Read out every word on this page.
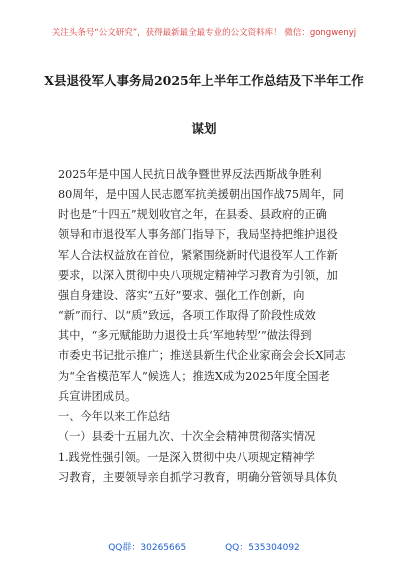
关注头条号“公文研究”，获得最新最全最专业的公文资料库！ 微信：gongwenyj
X县退役军人事务局2025年上半年工作总结及下半年工作
谋划
2025年是中国人民抗日战争暨世界反法西斯战争胜利
80周年，是中国人民志愿军抗美援朝出国作战75周年，同
时也是“十四五”规划收官之年，在县委、县政府的正确
领导和市退役军人事务部门指导下，我局坚持把维护退役
军人合法权益放在首位，紧紧围绕新时代退役军人工作新
要求，以深入贯彻中央八项规定精神学习教育为引领，加
强自身建设、落实“五好”要求、强化工作创新，向
“新”而行、以“质”致远，各项工作取得了阶段性成效
其中，“多元赋能助力退役士兵‘军地转型’”做法得到
市委史书记批示推广；推送县新生代企业家商会会长X同志
为“全省模范军人”候选人；推选X成为2025年度全国老
兵宣讲团成员。
一、今年以来工作总结
（一）县委十五届九次、十次全会精神贯彻落实情况
1.践党性强引领。一是深入贯彻中央八项规定精神学
习教育，主要领导亲自抓学习教育，明确分管领导具体负
QQ群：30265665	QQ：535304092
